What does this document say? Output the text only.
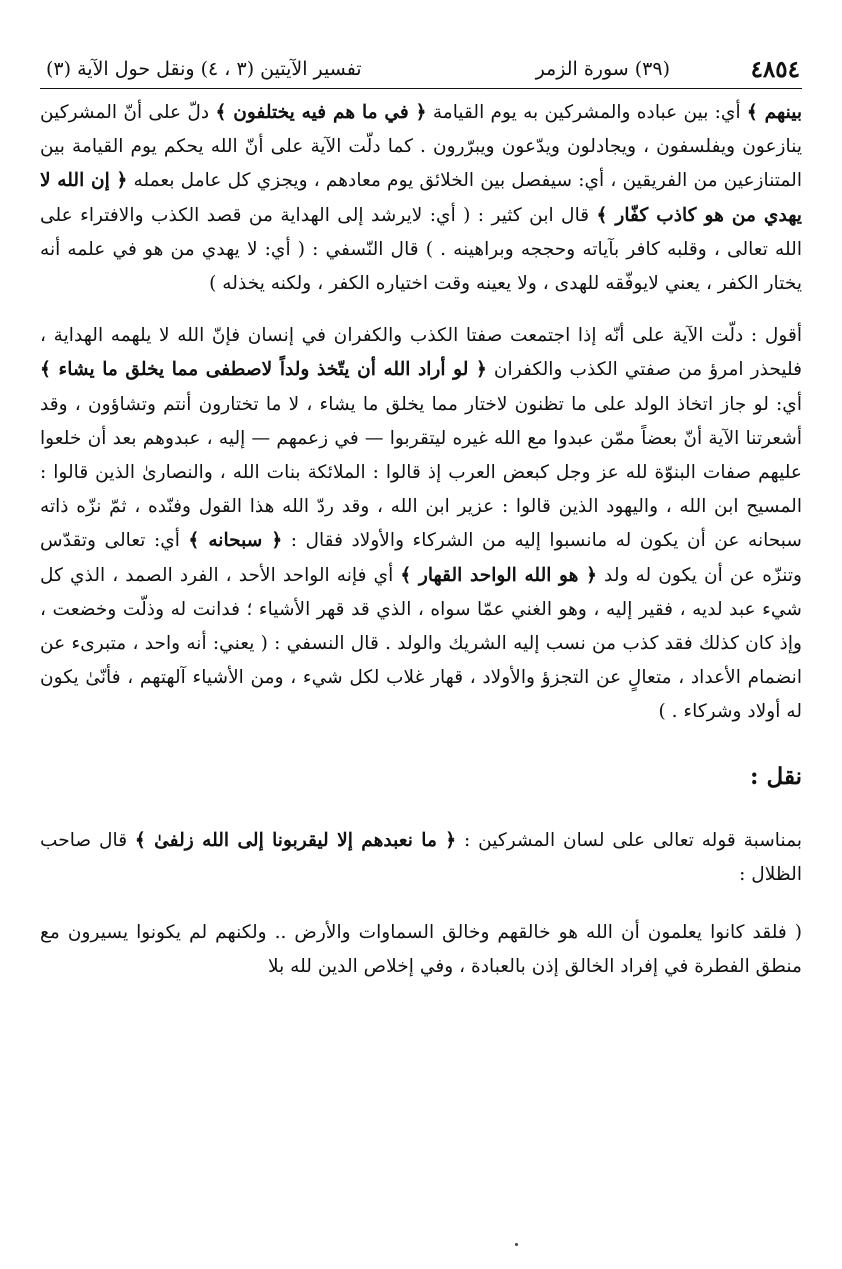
٤٨٥٤
(٣٩) سورة الزمر
تفسير الآيتين (٣ ، ٤) ونقل حول الآية (٣)

بينهم ﴾ أي: بين عباده والمشركين به يوم القيامة ﴿ في ما هم فيه يختلفون ﴾ دلّ على أنّ المشركين ينازعون ويفلسفون ، ويجادلون ويدّعون ويبرّرون . كما دلّت الآية على أنّ الله يحكم يوم القيامة بين المتنازعين من الفريقين ، أي: سيفصل بين الخلائق يوم معادهم ، ويجزي كل عامل بعمله ﴿ إن الله لا يهدي من هو كاذب كفّار ﴾ قال ابن كثير : ( أي: لايرشد إلى الهداية من قصد الكذب والافتراء على الله تعالى ، وقلبه كافر بآياته وحججه وبراهينه . ) قال النّسفي : ( أي: لا يهدي من هو في علمه أنه يختار الكفر ، يعني لايوفّقه للهدى ، ولا يعينه وقت اختياره الكفر ، ولكنه يخذله )

أقول : دلّت الآية على أنّه إذا اجتمعت صفتا الكذب والكفران في إنسان فإنّ الله لا يلهمه الهداية ، فليحذر امرؤ من صفتي الكذب والكفران ﴿ لو أراد الله أن يتّخذ ولداً لاصطفى مما يخلق ما يشاء ﴾ أي: لو جاز اتخاذ الولد على ما تظنون لاختار مما يخلق ما يشاء ، لا ما تختارون أنتم وتشاؤون ، وقد أشعرتنا الآية أنّ بعضاً ممّن عبدوا مع الله غيره ليتقربوا — في زعمهم — إليه ، عبدوهم بعد أن خلعوا عليهم صفات البنوّة لله عز وجل كبعض العرب إذ قالوا : الملائكة بنات الله ، والنصارىٰ الذين قالوا : المسيح ابن الله ، واليهود الذين قالوا : عزير ابن الله ، وقد ردّ الله هذا القول وفنّده ، ثمّ نزّه ذاته سبحانه عن أن يكون له مانسبوا إليه من الشركاء والأولاد فقال : ﴿ سبحانه ﴾ أي: تعالى وتقدّس وتنزّه عن أن يكون له ولد ﴿ هو الله الواحد القهار ﴾ أي فإنه الواحد الأحد ، الفرد الصمد ، الذي كل شيء عبد لديه ، فقير إليه ، وهو الغني عمّا سواه ، الذي قد قهر الأشياء ؛ فدانت له وذلّت وخضعت ، وإذ كان كذلك فقد كذب من نسب إليه الشريك والولد . قال النسفي : ( يعني: أنه واحد ، متبرىء عن انضمام الأعداد ، متعالٍ عن التجزؤ والأولاد ، قهار غلاب لكل شيء ، ومن الأشياء آلهتهم ، فأنّىٰ يكون له أولاد وشركاء . )

نقل :

بمناسبة قوله تعالى على لسان المشركين : ﴿ ما نعبدهم إلا ليقربونا إلى الله زلفىٰ ﴾ قال صاحب الظلال :

( فلقد كانوا يعلمون أن الله هو خالقهم وخالق السماوات والأرض .. ولكنهم لم يكونوا يسيرون مع منطق الفطرة في إفراد الخالق إذن بالعبادة ، وفي إخلاص الدين لله بلا
